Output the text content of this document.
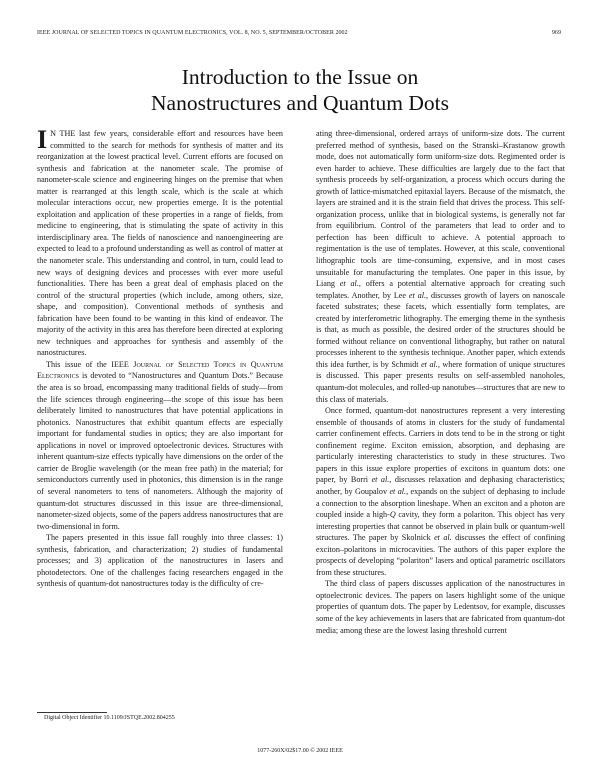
IEEE JOURNAL OF SELECTED TOPICS IN QUANTUM ELECTRONICS, VOL. 8, NO. 5, SEPTEMBER/OCTOBER 2002	969
Introduction to the Issue on
Nanostructures and Quantum Dots

I N THE last few years, considerable effort and resources have been committed to the search for methods for synthesis of matter and its reorganization at the lowest practical level. Current efforts are focused on synthesis and fabrication at the nanometer scale. The promise of nanometer-scale science and engineering hinges on the premise that when matter is rearranged at this length scale, which is the scale at which molecular interactions occur, new properties emerge. It is the potential exploitation and application of these properties in a range of fields, from medicine to engineering, that is stimulating the spate of activity in this interdisciplinary area. The fields of nanoscience and nanoengineering are expected to lead to a profound understanding as well as control of matter at the nanometer scale. This understanding and control, in turn, could lead to new ways of designing devices and processes with ever more useful functionalities. There has been a great deal of emphasis placed on the control of the structural properties (which include, among others, size, shape, and composition). Conventional methods of synthesis and fabrication have been found to be wanting in this kind of endeavor. The majority of the activity in this area has therefore been directed at exploring new techniques and approaches for synthesis and assembly of the nanostructures.

This issue of the IEEE Journal of Selected Topics in Quantum Electronics is devoted to “Nanostructures and Quantum Dots.” Because the area is so broad, encompassing many traditional fields of study—from the life sciences through engineering—the scope of this issue has been deliberately limited to nanostructures that have potential applications in photonics. Nanostructures that exhibit quantum effects are especially important for fundamental studies in optics; they are also important for applications in novel or improved optoelectronic devices. Structures with inherent quantum-size effects typically have dimensions on the order of the carrier de Broglie wavelength (or the mean free path) in the material; for semiconductors currently used in photonics, this dimension is in the range of several nanometers to tens of nanometers. Although the majority of quantum-dot structures discussed in this issue are three-dimensional, nanometer-sized objects, some of the papers address nanostructures that are two-dimensional in form.

The papers presented in this issue fall roughly into three classes: 1) synthesis, fabrication, and characterization; 2) studies of fundamental processes; and 3) application of the nanostructures in lasers and photodetectors. One of the challenges facing researchers engaged in the synthesis of quantum-dot nanostructures today is the difficulty of cre-

ating three-dimensional, ordered arrays of uniform-size dots. The current preferred method of synthesis, based on the Stranski–Krastanow growth mode, does not automatically form uniform-size dots. Regimented order is even harder to achieve. These difficulties are largely due to the fact that synthesis proceeds by self-organization, a process which occurs during the growth of lattice-mismatched epitaxial layers. Because of the mismatch, the layers are strained and it is the strain field that drives the process. This self-organization process, unlike that in biological systems, is generally not far from equilibrium. Control of the parameters that lead to order and to perfection has been difficult to achieve. A potential approach to regimentation is the use of templates. However, at this scale, conventional lithographic tools are time-consuming, expensive, and in most cases unsuitable for manufacturing the templates. One paper in this issue, by Liang et al., offers a potential alternative approach for creating such templates. Another, by Lee et al., discusses growth of layers on nanoscale faceted substrates; these facets, which essentially form templates, are created by interferometric lithography. The emerging theme in the synthesis is that, as much as possible, the desired order of the structures should be formed without reliance on conventional lithography, but rather on natural processes inherent to the synthesis technique. Another paper, which extends this idea further, is by Schmidt et al., where formation of unique structures is discussed. This paper presents results on self-assembled nanoholes, quantum-dot molecules, and rolled-up nanotubes—structures that are new to this class of materials.

Once formed, quantum-dot nanostructures represent a very interesting ensemble of thousands of atoms in clusters for the study of fundamental carrier confinement effects. Carriers in dots tend to be in the strong or tight confinement regime. Exciton emission, absorption, and dephasing are particularly interesting characteristics to study in these structures. Two papers in this issue explore properties of excitons in quantum dots: one paper, by Borri et al., discusses relaxation and dephasing characteristics; another, by Goupalov et al., expands on the subject of dephasing to include a connection to the absorption lineshape. When an exciton and a photon are coupled inside a high-Q cavity, they form a polariton. This object has very interesting properties that cannot be observed in plain bulk or quantum-well structures. The paper by Skolnick et al. discusses the effect of confining exciton–polaritons in microcavities. The authors of this paper explore the prospects of developing “polariton” lasers and optical parametric oscillators from these structures.

The third class of papers discusses application of the nanostructures in optoelectronic devices. The papers on lasers highlight some of the unique properties of quantum dots. The paper by Ledentsov, for example, discusses some of the key achievements in lasers that are fabricated from quantum-dot media; among these are the lowest lasing threshold current

Digital Object Identifier 10.1109/JSTQE.2002.804255
1077-260X/02$17.00 © 2002 IEEE
